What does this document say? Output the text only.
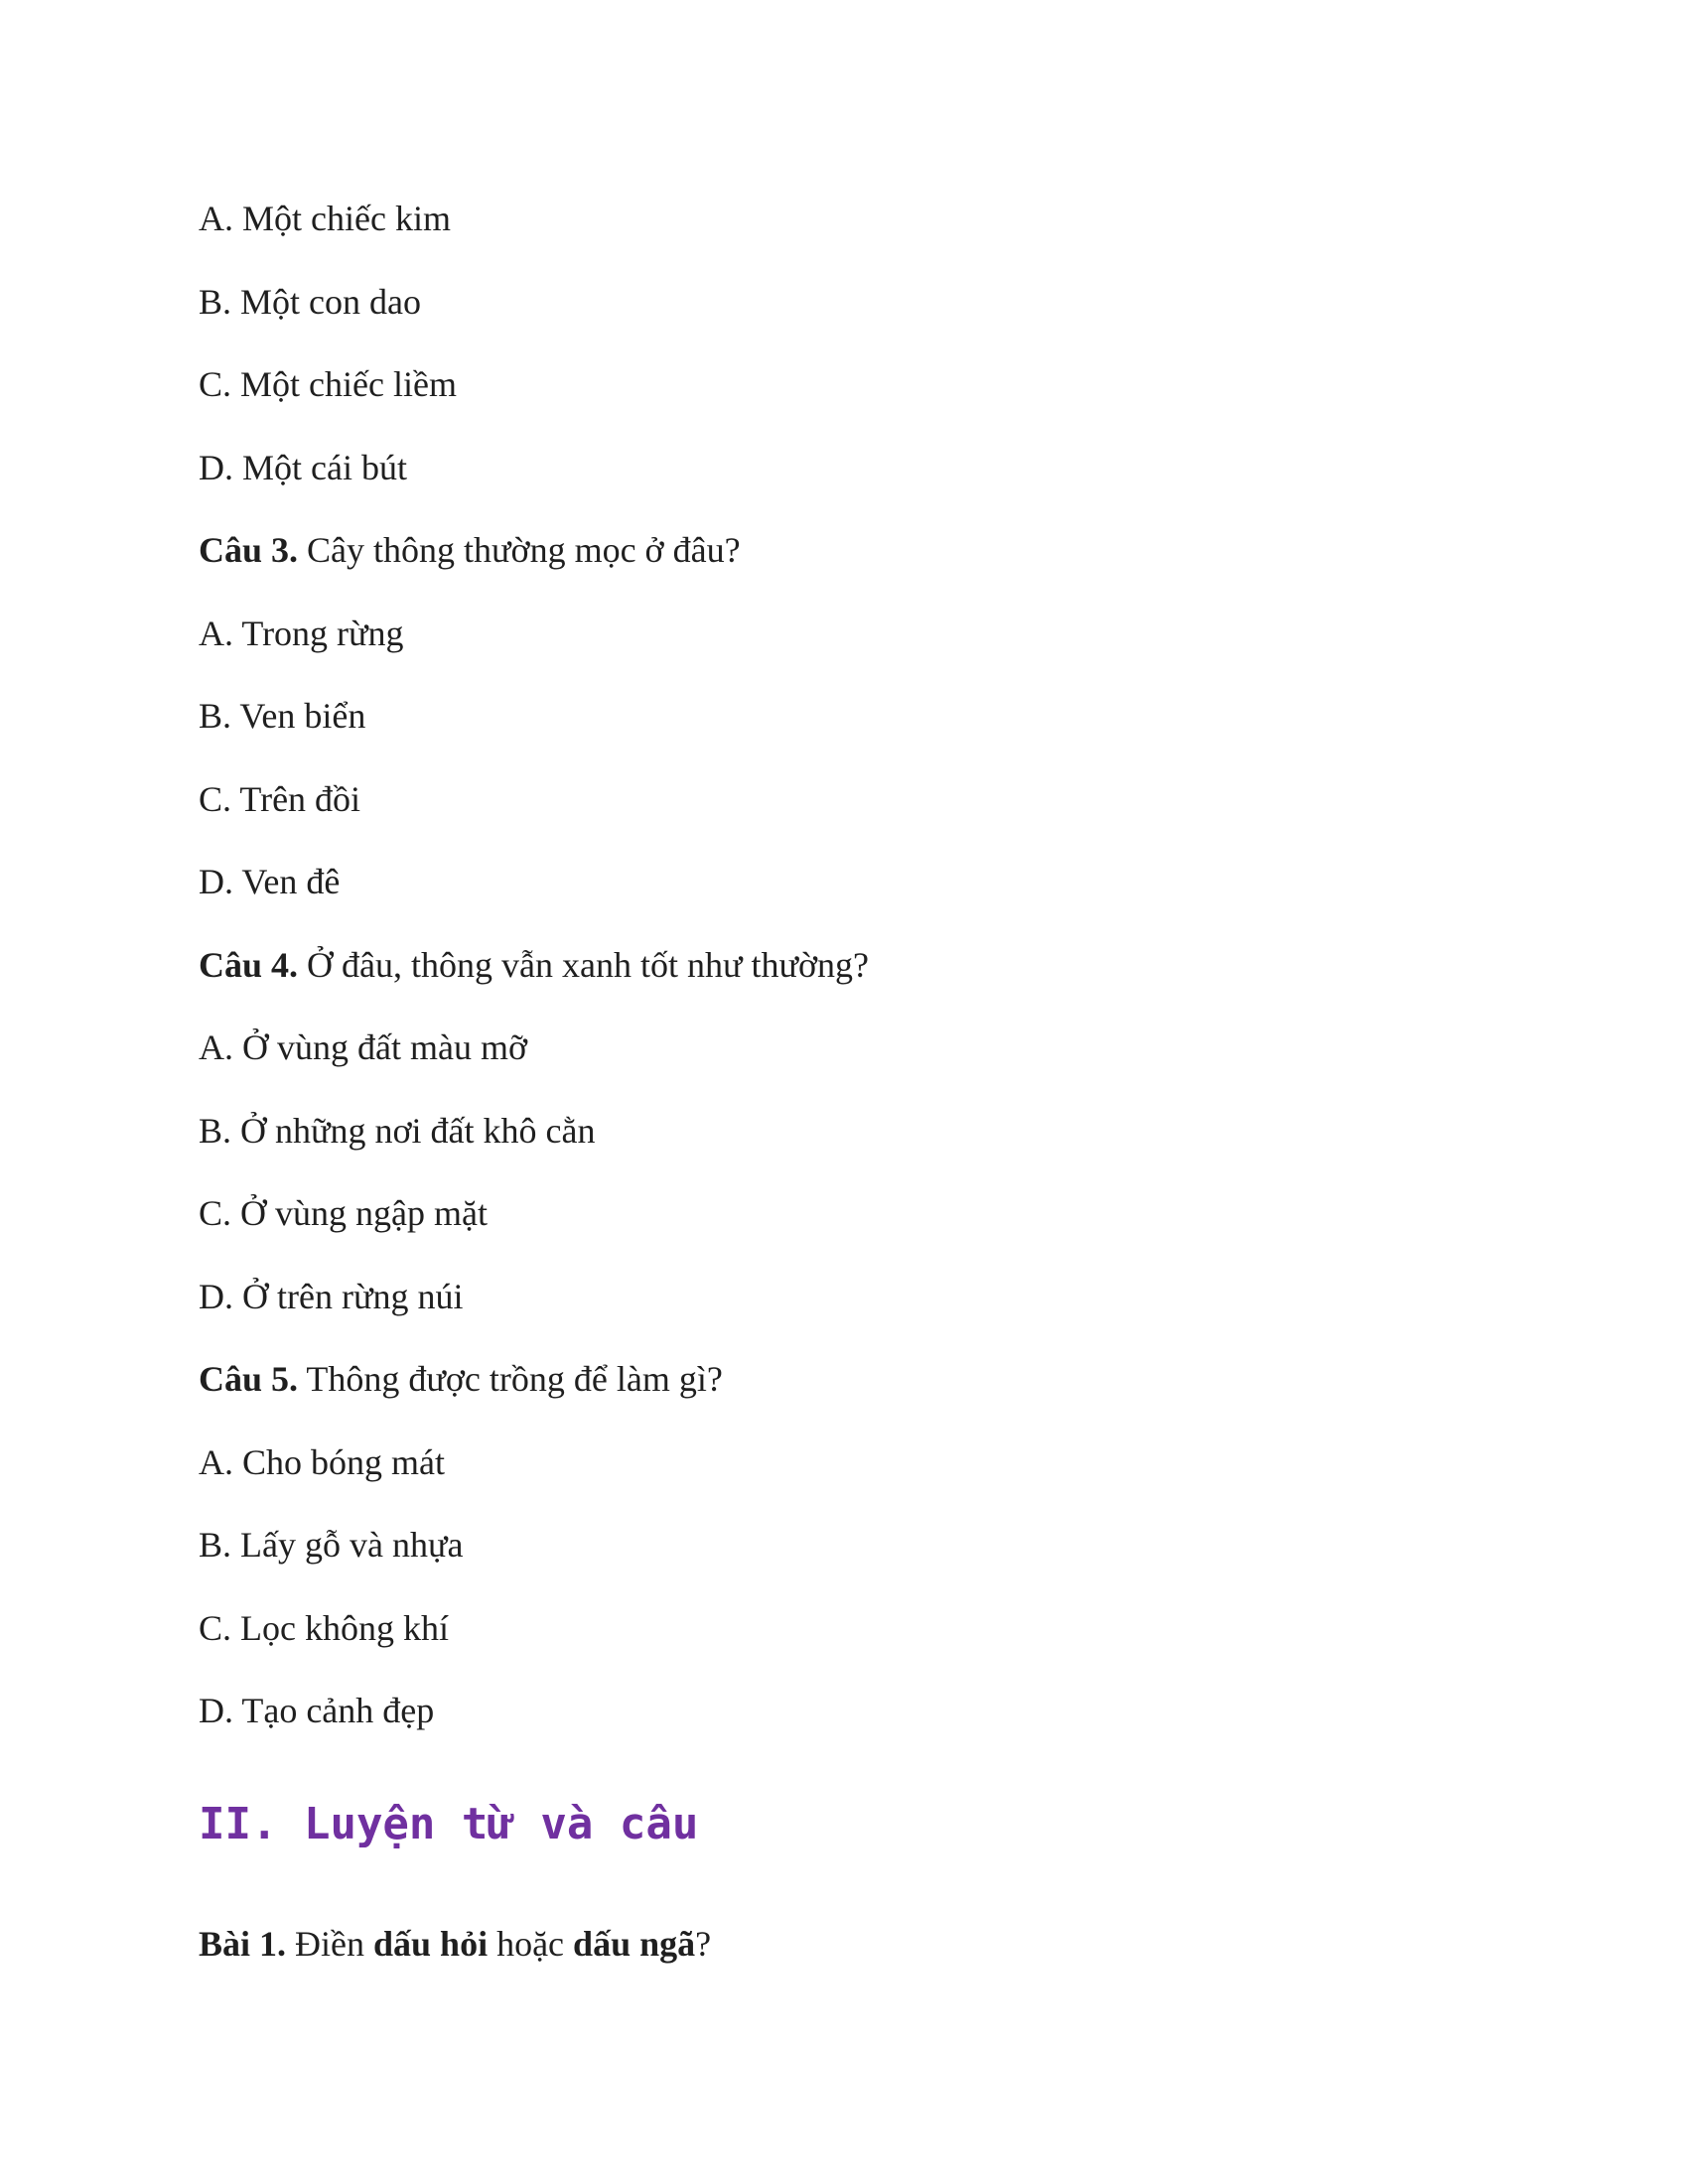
A. Một chiếc kim
B. Một con dao
C. Một chiếc liềm
D. Một cái bút
Câu 3. Cây thông thường mọc ở đâu?
A. Trong rừng
B. Ven biển
C. Trên đồi
D. Ven đê
Câu 4. Ở đâu, thông vẫn xanh tốt như thường?
A. Ở vùng đất màu mỡ
B. Ở những nơi đất khô cằn
C. Ở vùng ngập mặt
D. Ở trên rừng núi
Câu 5. Thông được trồng để làm gì?
A. Cho bóng mát
B. Lấy gỗ và nhựa
C. Lọc không khí
D. Tạo cảnh đẹp
II. Luyện từ và câu
Bài 1. Điền dấu hỏi hoặc dấu ngã?
